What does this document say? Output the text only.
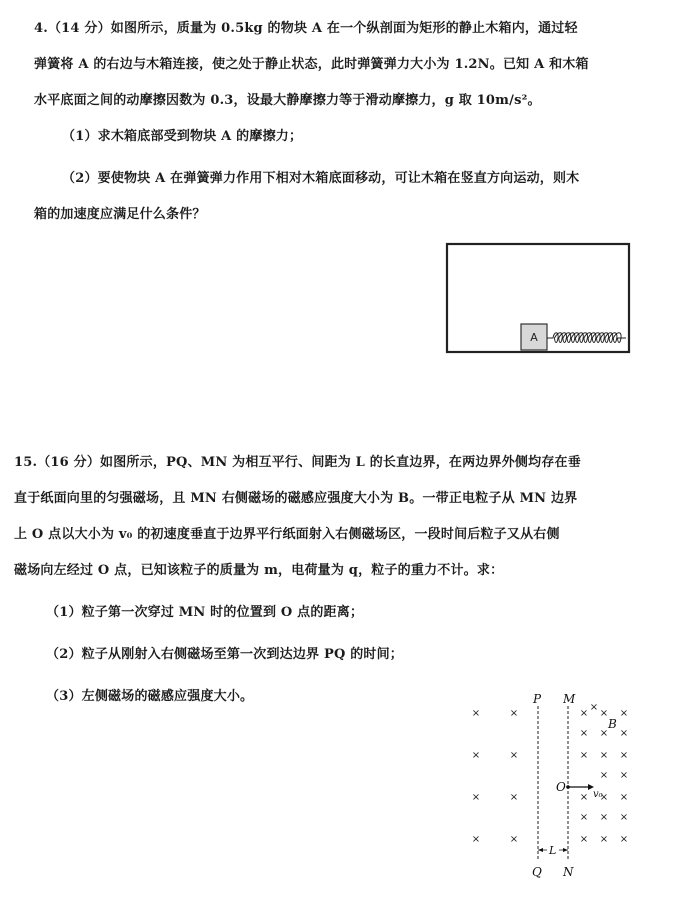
4.（14 分）如图所示，质量为 0.5kg 的物块 A 在一个纵剖面为矩形的静止木箱内，通过轻
弹簧将 A 的右边与木箱连接，使之处于静止状态，此时弹簧弹力大小为 1.2N。已知 A 和木箱
水平底面之间的动摩擦因数为 0.3，设最大静摩擦力等于滑动摩擦力，g 取 10m/s²。
（1）求木箱底部受到物块 A 的摩擦力；
（2）要使物块 A 在弹簧弹力作用下相对木箱底面移动，可让木箱在竖直方向运动，则木
箱的加速度应满足什么条件？
A
15.（16 分）如图所示，PQ、MN 为相互平行、间距为 L 的长直边界，在两边界外侧均存在垂
直于纸面向里的匀强磁场，且 MN 右侧磁场的磁感应强度大小为 B。一带正电粒子从 MN 边界
上 O 点以大小为 v₀ 的初速度垂直于边界平行纸面射入右侧磁场区，一段时间后粒子又从右侧
磁场向左经过 O 点，已知该粒子的质量为 m，电荷量为 q，粒子的重力不计。求：
（1）粒子第一次穿过 MN 时的位置到 O 点的距离；
（2）粒子从刚射入右侧磁场至第一次到达边界 PQ 的时间；
（3）左侧磁场的磁感应强度大小。	P M
Q N
B
O
v₀
L
×
×
×
×
×
×
×
×
×
×
×
×
×
×
×
×
×
×
×
×
×
×
×
×
×
×
×
×
×
